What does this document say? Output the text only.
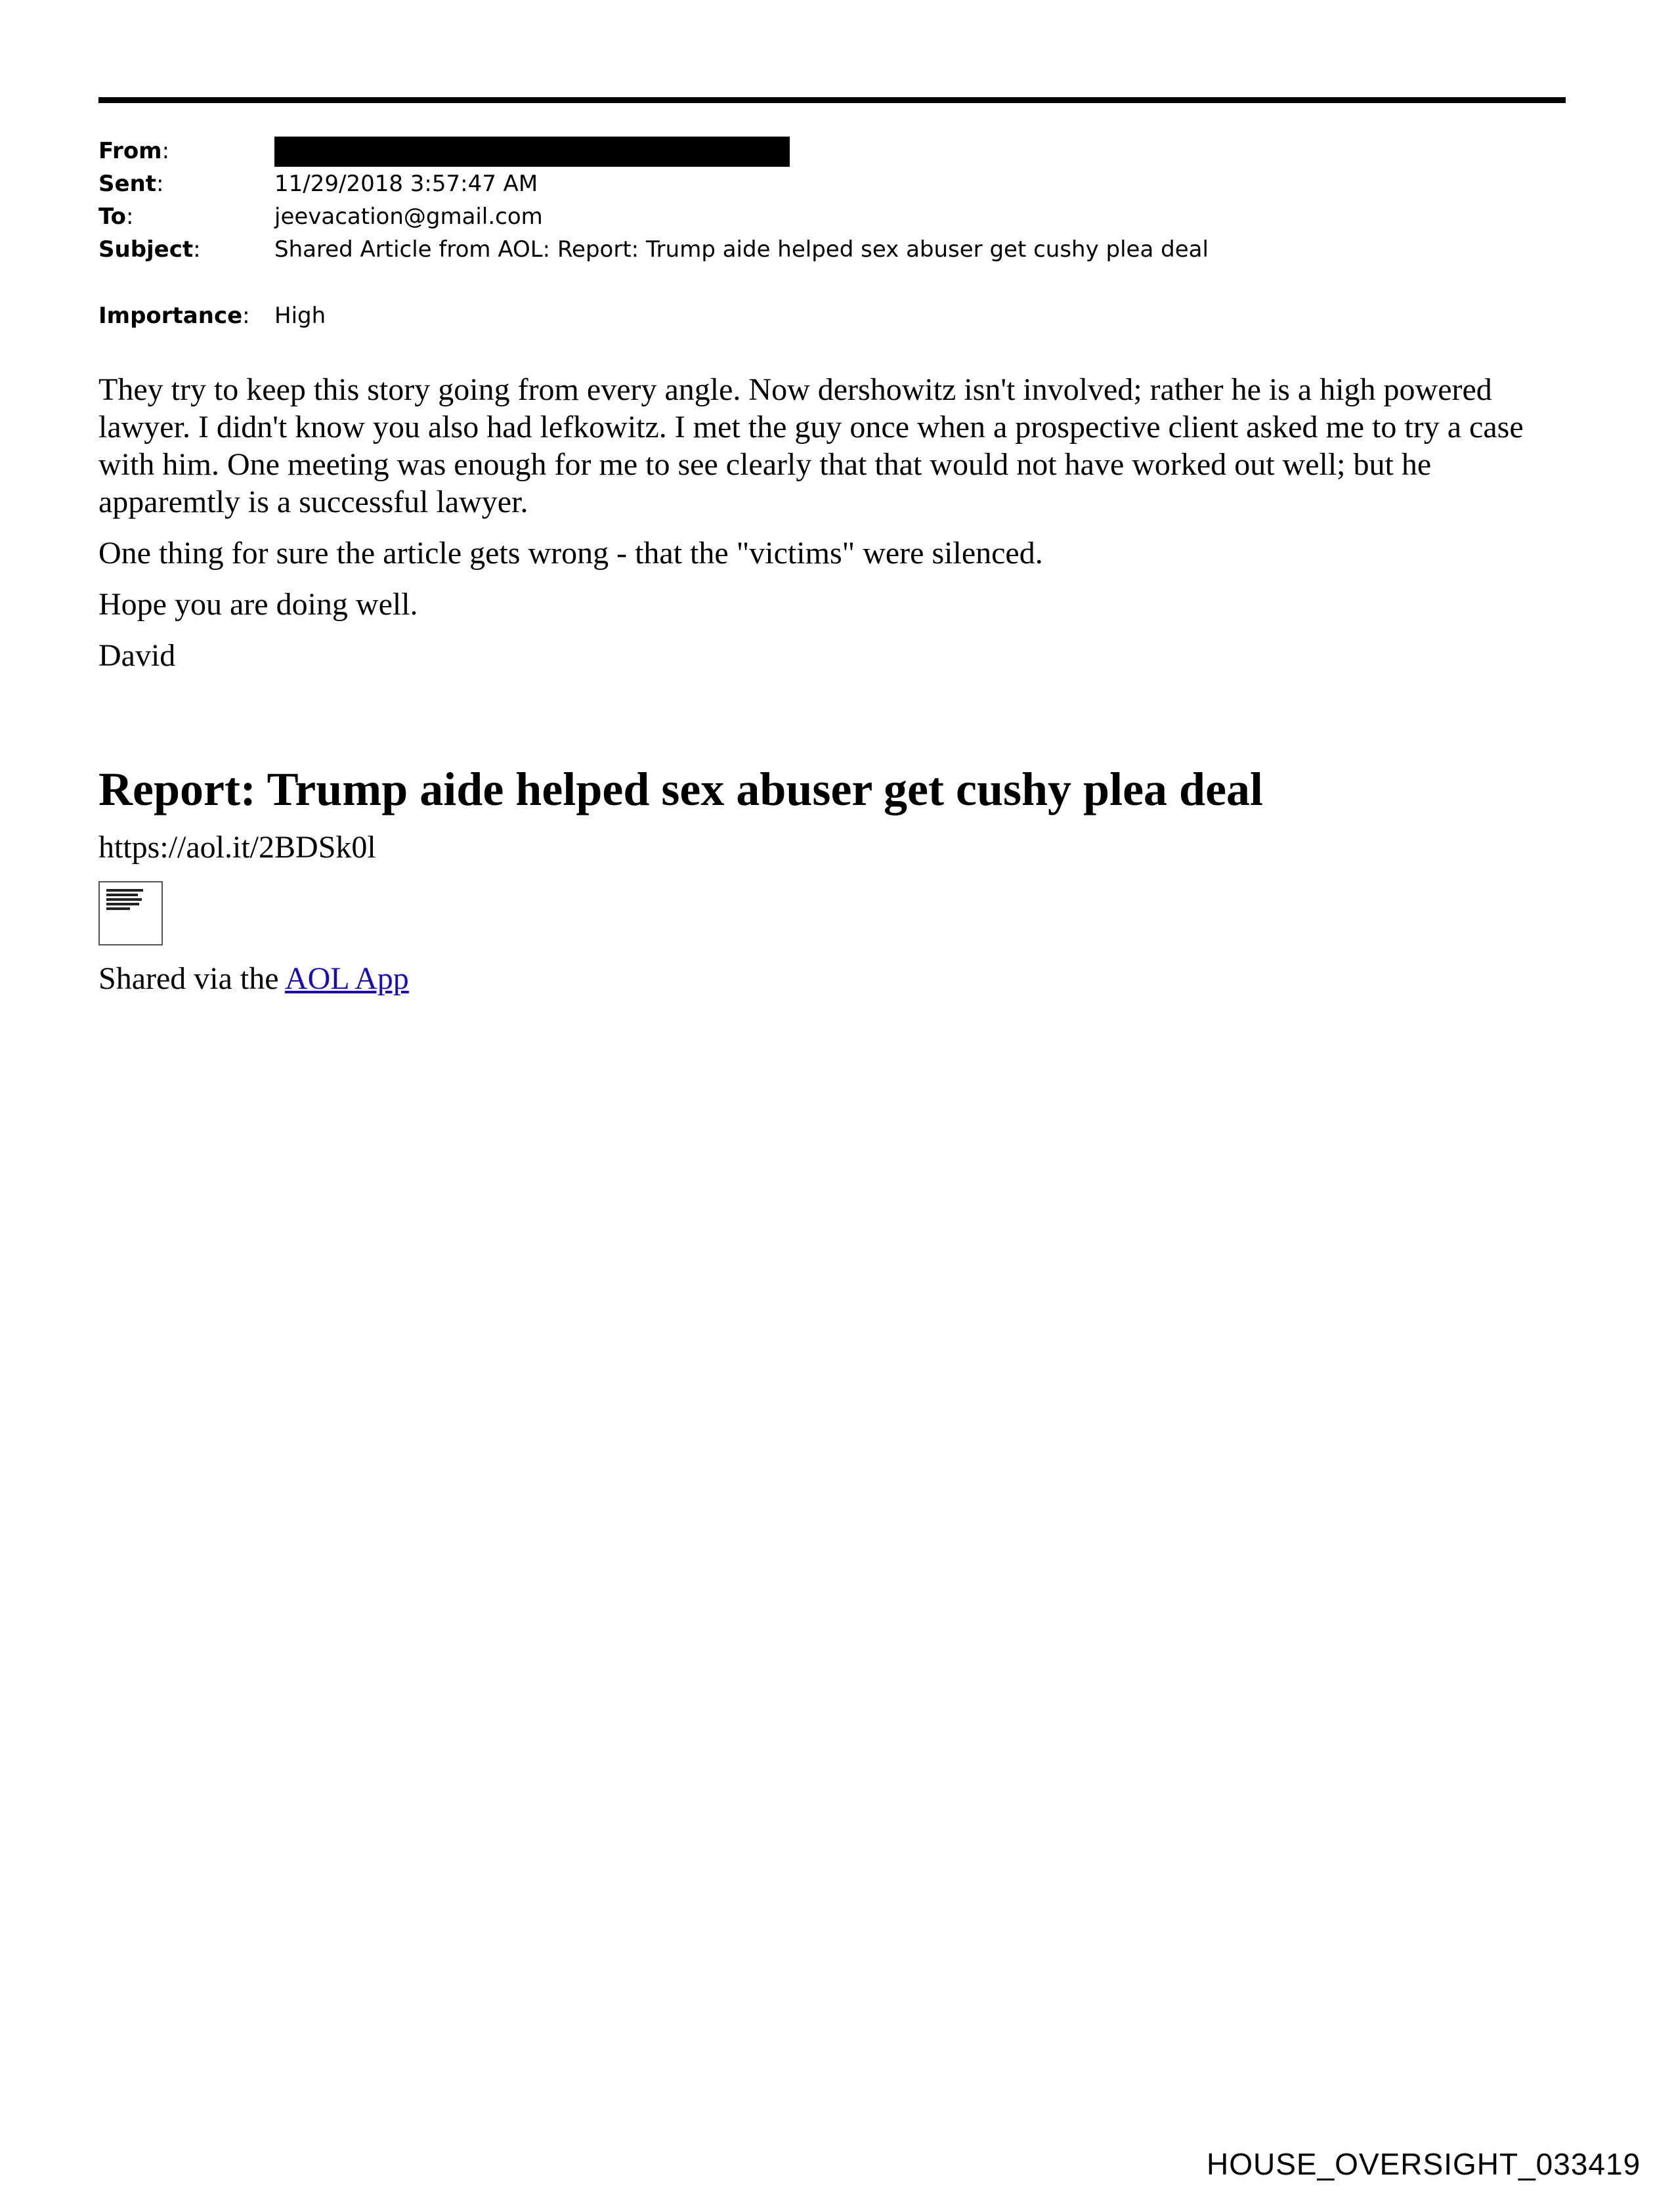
From:
Sent:	11/29/2018 3:57:47 AM
To:	jeevacation@gmail.com
Subject:	Shared Article from AOL: Report: Trump aide helped sex abuser get cushy plea deal
Importance: High
They try to keep this story going from every angle. Now dershowitz isn't involved; rather he is a high powered lawyer. I didn't know you also had lefkowitz. I met the guy once when a prospective client asked me to try a case with him. One meeting was enough for me to see clearly that that would not have worked out well; but he apparemtly is a successful lawyer.
One thing for sure the article gets wrong - that the "victims" were silenced.
Hope you are doing well.
David
Report: Trump aide helped sex abuser get cushy plea deal
https://aol.it/2BDSk0l
Shared via the AOL App
HOUSE_OVERSIGHT_033419
